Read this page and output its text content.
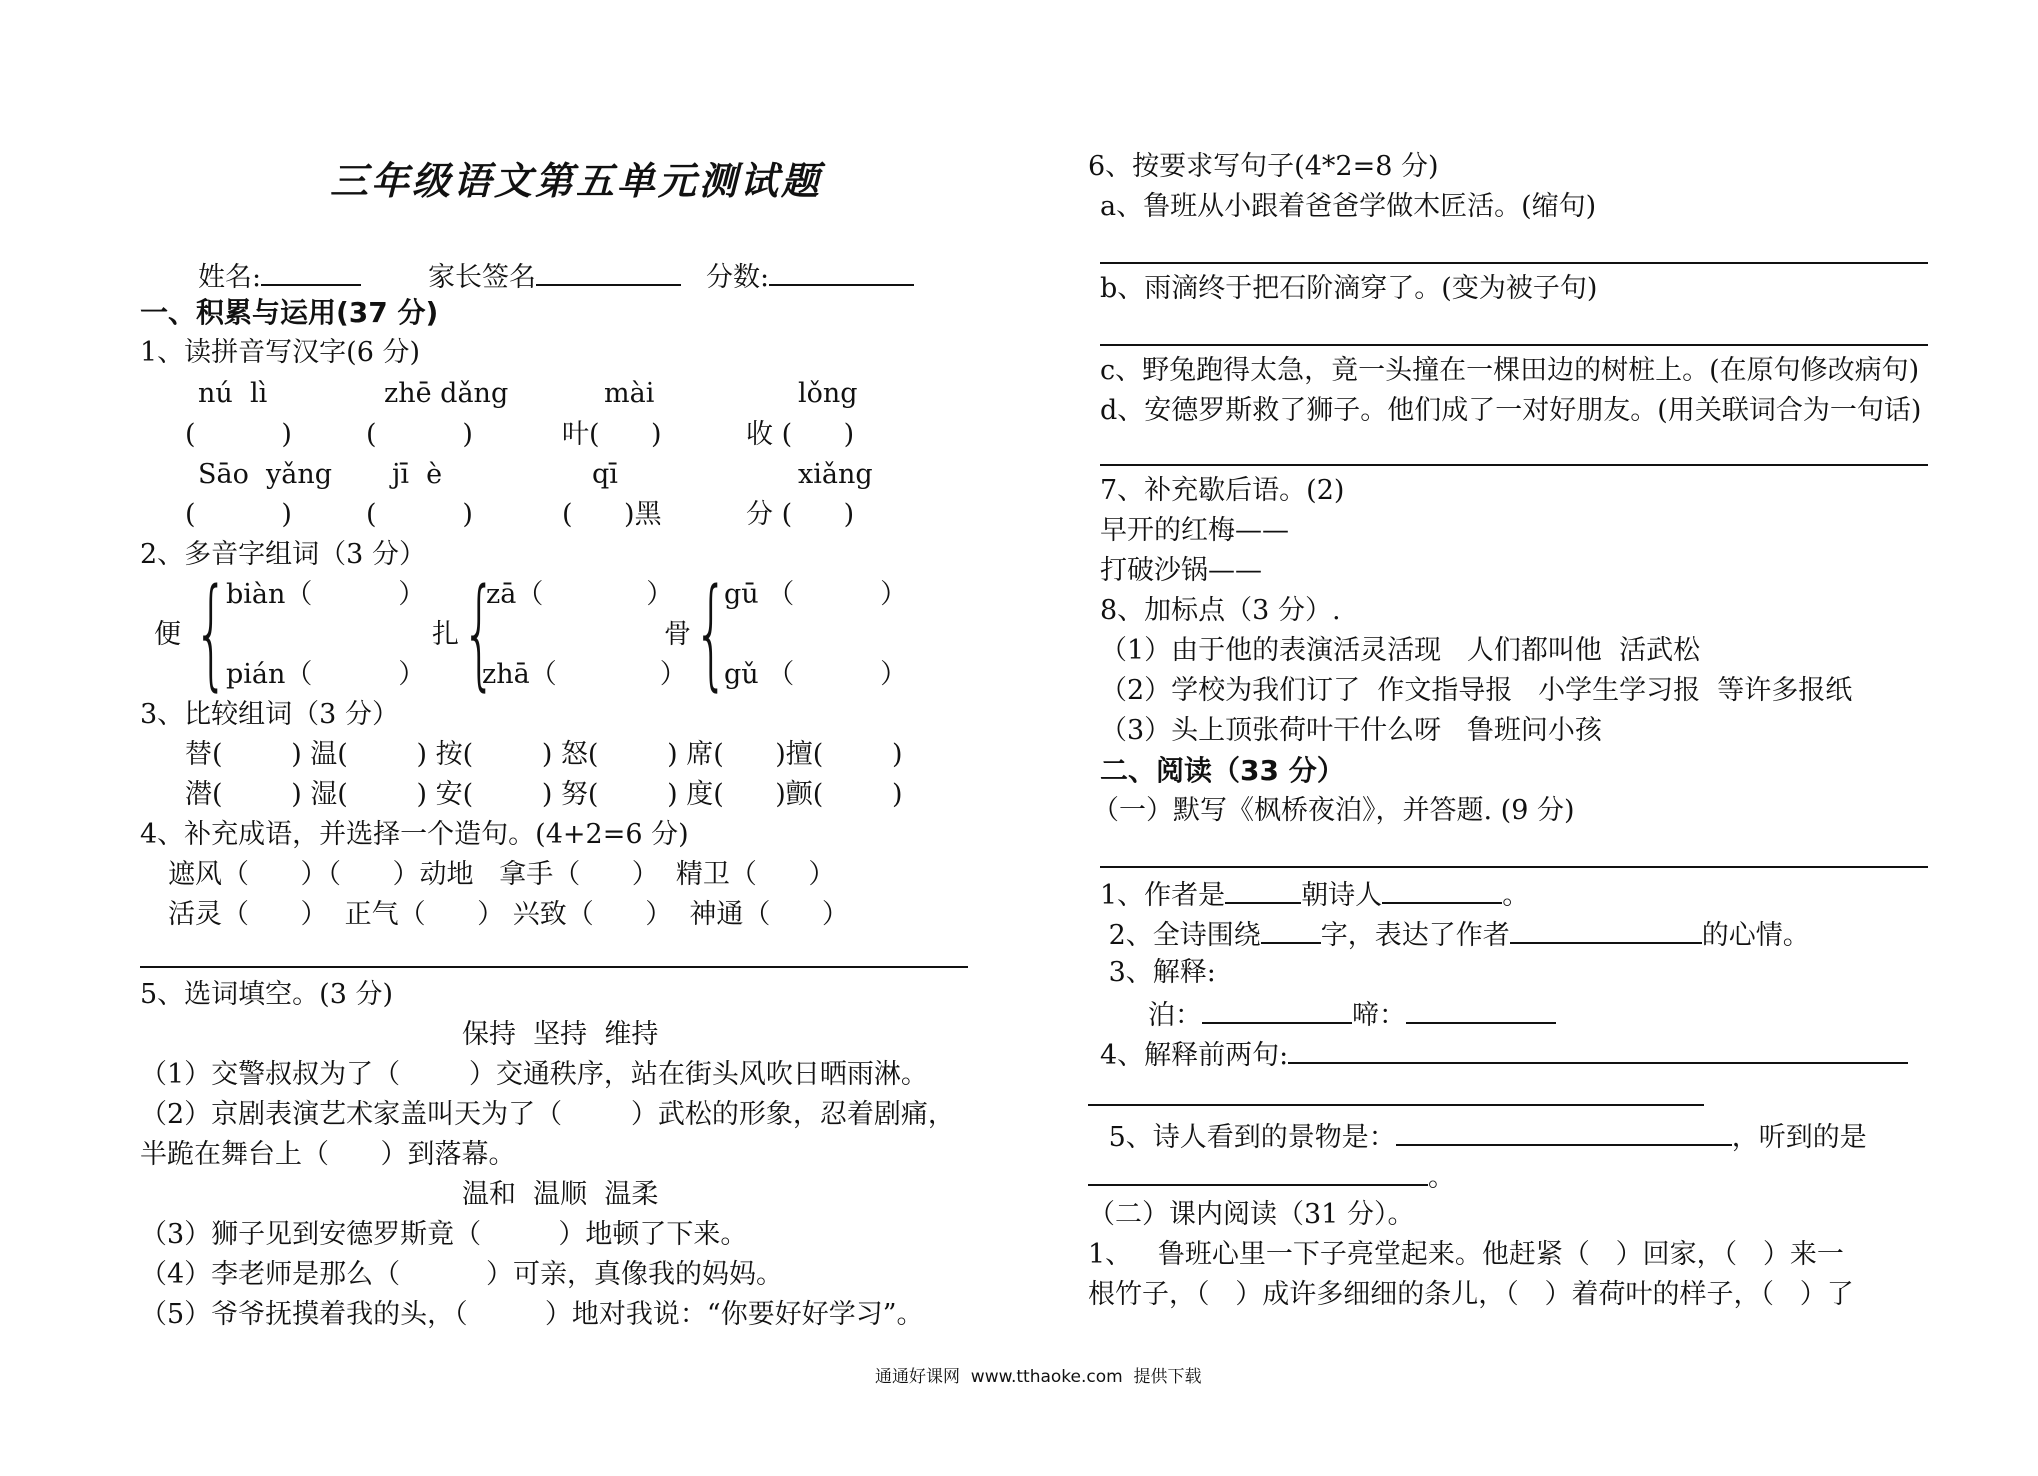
三年级语文第五单元测试题
姓名:	家长签名	分数:
一、积累与运用(37 分)
1、读拼音写汉字(6 分)
nú  lì	zhē dǎng	mài	lǒng
(          )	(          )	叶(      )	收 (      )
Sāo  yǎng jī  è	qī	xiǎng
(          )	(          )	(      )黑	分 (      )
2、多音字组词（3 分）
便 {
biàn（          ）
pián（          ）
扎 {
zā（            ）
zhā（            ）
骨 {
gū （          ）
gǔ （          ）
3、比较组词（3 分）
替(        ) 温(        ) 按(        ) 怒(        ) 席(      )擅(        )
潜(        ) 湿(        ) 安(        ) 努(        ) 度(      )颤(        )
4、补充成语，并选择一个造句。(4+2=6 分)
遮风（      ）（      ）动地   拿手（      ）  精卫（      ）
活灵（      ）  正气（      ） 兴致（      ）  神通（      ）
5、选词填空。(3 分)
保持  坚持  维持
（1）交警叔叔为了（        ）交通秩序，站在街头风吹日晒雨淋。
（2）京剧表演艺术家盖叫天为了（        ）武松的形象，忍着剧痛，
半跪在舞台上（      ）到落幕。
温和  温顺  温柔
（3）狮子见到安德罗斯竟（         ）地顿了下来。
（4）李老师是那么（          ）可亲，真像我的妈妈。
（5）爷爷抚摸着我的头，（         ）地对我说：“你要好好学习”。
6、按要求写句子(4*2=8 分)
a、鲁班从小跟着爸爸学做木匠活。(缩句)
b、雨滴终于把石阶滴穿了。(变为被子句)
c、野兔跑得太急，竟一头撞在一棵田边的树桩上。(在原句修改病句)
d、安德罗斯救了狮子。他们成了一对好朋友。(用关联词合为一句话)
7、补充歇后语。(2)
早开的红梅——
打破沙锅——
8、加标点（3 分）.
（1）由于他的表演活灵活现   人们都叫他  活武松
（2）学校为我们订了  作文指导报   小学生学习报  等许多报纸
（3）头上顶张荷叶干什么呀   鲁班问小孩
二、阅读（33 分）
（一）默写《枫桥夜泊》，并答题. (9 分)
1、作者是	朝诗人	。
2、全诗围绕 字，表达了作者	的心情。
3、解释:
泊：	啼：
4、解释前两句:
5、诗人看到的景物是：	，听到的是
。
（二）课内阅读（31 分）。
1、   鲁班心里一下子亮堂起来。他赶紧（   ）回家，（   ）来一
根竹子，（   ）成许多细细的条儿，（   ）着荷叶的样子，（   ）了
通通好课网  www.tthaoke.com  提供下载
